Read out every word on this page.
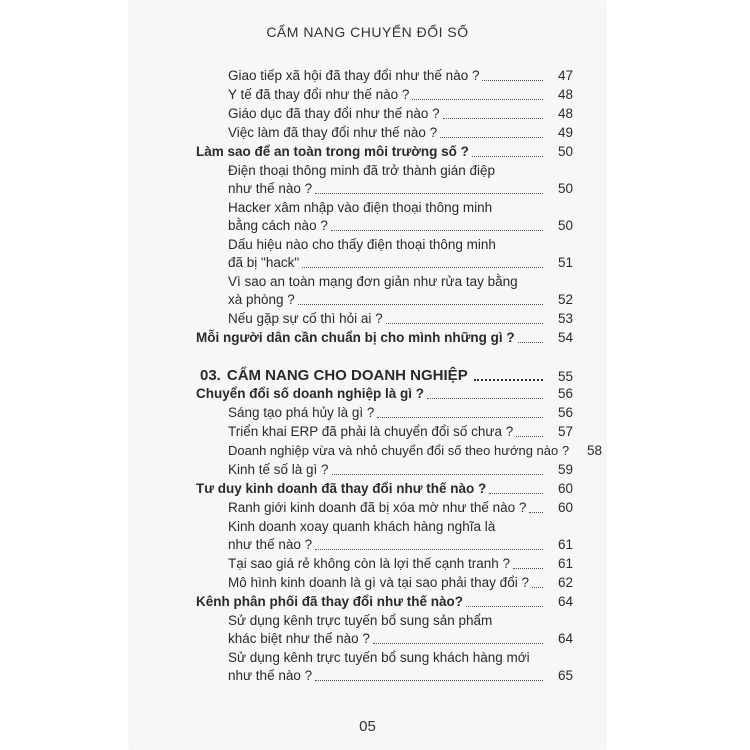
CẨM NANG CHUYỂN ĐỔI SỐ
Giao tiếp xã hội đã thay đổi như thế nào ?	47
Y tế đã thay đổi như thế nào ?	48
Giáo dục đã thay đổi như thế nào ?	48
Việc làm đã thay đổi như thế nào ?	49
Làm sao để an toàn trong môi trường số ?	50
Điện thoại thông minh đã trở thành gián điệp
như thế nào ?	50
Hacker xâm nhập vào điện thoại thông minh
bằng cách nào ?	50
Dấu hiệu nào cho thấy điện thoại thông minh
đã bị "hack"	51
Vì sao an toàn mạng đơn giản như rửa tay bằng
xà phòng ?	52
Nếu gặp sự cố thì hỏi ai ?	53
Mỗi người dân cần chuẩn bị cho mình những gì ?	54
03. CẨM NANG CHO DOANH NGHIỆP	55
Chuyển đổi số doanh nghiệp là gì ?	56
Sáng tạo phá hủy là gì ?	56
Triển khai ERP đã phải là chuyển đổi số chưa ?	57
Doanh nghiệp vừa và nhỏ chuyển đổi số theo hướng nào ?	58
Kinh tế số là gì ?	59
Tư duy kinh doanh đã thay đổi như thế nào ?	60
Ranh giới kinh doanh đã bị xóa mờ như thế nào ?	60
Kinh doanh xoay quanh khách hàng nghĩa là
như thế nào ?	61
Tại sao giá rẻ không còn là lợi thế cạnh tranh ?	61
Mô hình kinh doanh là gì và tại sao phải thay đổi ?	62
Kênh phân phối đã thay đổi như thế nào?	64
Sử dụng kênh trực tuyến bổ sung sản phẩm
khác biệt như thế nào ?	64
Sử dụng kênh trực tuyến bổ sung khách hàng mới
như thế nào ?	65
05
